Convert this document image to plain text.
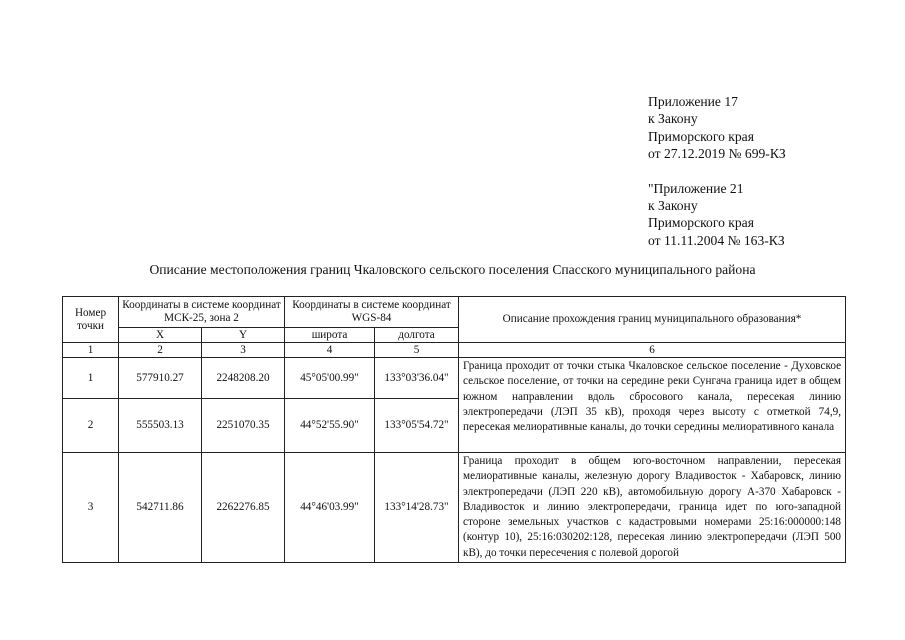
Приложение 17

к Закону

Приморского края

от 27.12.2019 № 699-КЗ

"Приложение 21

к Закону

Приморского края

от 11.11.2004 № 163-КЗ

Описание местоположения границ Чкаловского сельского поселения Спасского муниципального района
Номер точки	Координаты в системе координат МСК-25, зона 2		Координаты в системе координат WGS-84		Описание прохождения границ муниципального образования*
	X	Y	широта	долгота	
1	2	3	4	5	6
1	577910.27	2248208.20	45°05'00.99"	133°03'36.04"	Граница проходит от точки стыка Чкаловское сельское поселение - Духовское сельское поселение, от точки на середине реки Сунгача граница идет в общем южном направлении вдоль сбросового канала, пересекая линию электропередачи (ЛЭП 35 кВ), проходя через высоту с отметкой 74,9, пересекая мелиоративные каналы, до точки середины мелиоративного канала
2	555503.13	2251070.35	44°52'55.90"	133°05'54.72"	
3	542711.86	2262276.85	44°46'03.99"	133°14'28.73"	Граница проходит в общем юго-восточном направлении, пересекая мелиоративные каналы, железную дорогу Владивосток - Хабаровск, линию электропередачи (ЛЭП 220 кВ), автомобильную дорогу А-370 Хабаровск - Владивосток и линию электропередачи, граница идет по юго-западной стороне земельных участков с кадастровыми номерами 25:16:000000:148 (контур 10), 25:16:030202:128, пересекая линию электропередачи (ЛЭП 500 кВ), до точки пересечения с полевой дорогой
